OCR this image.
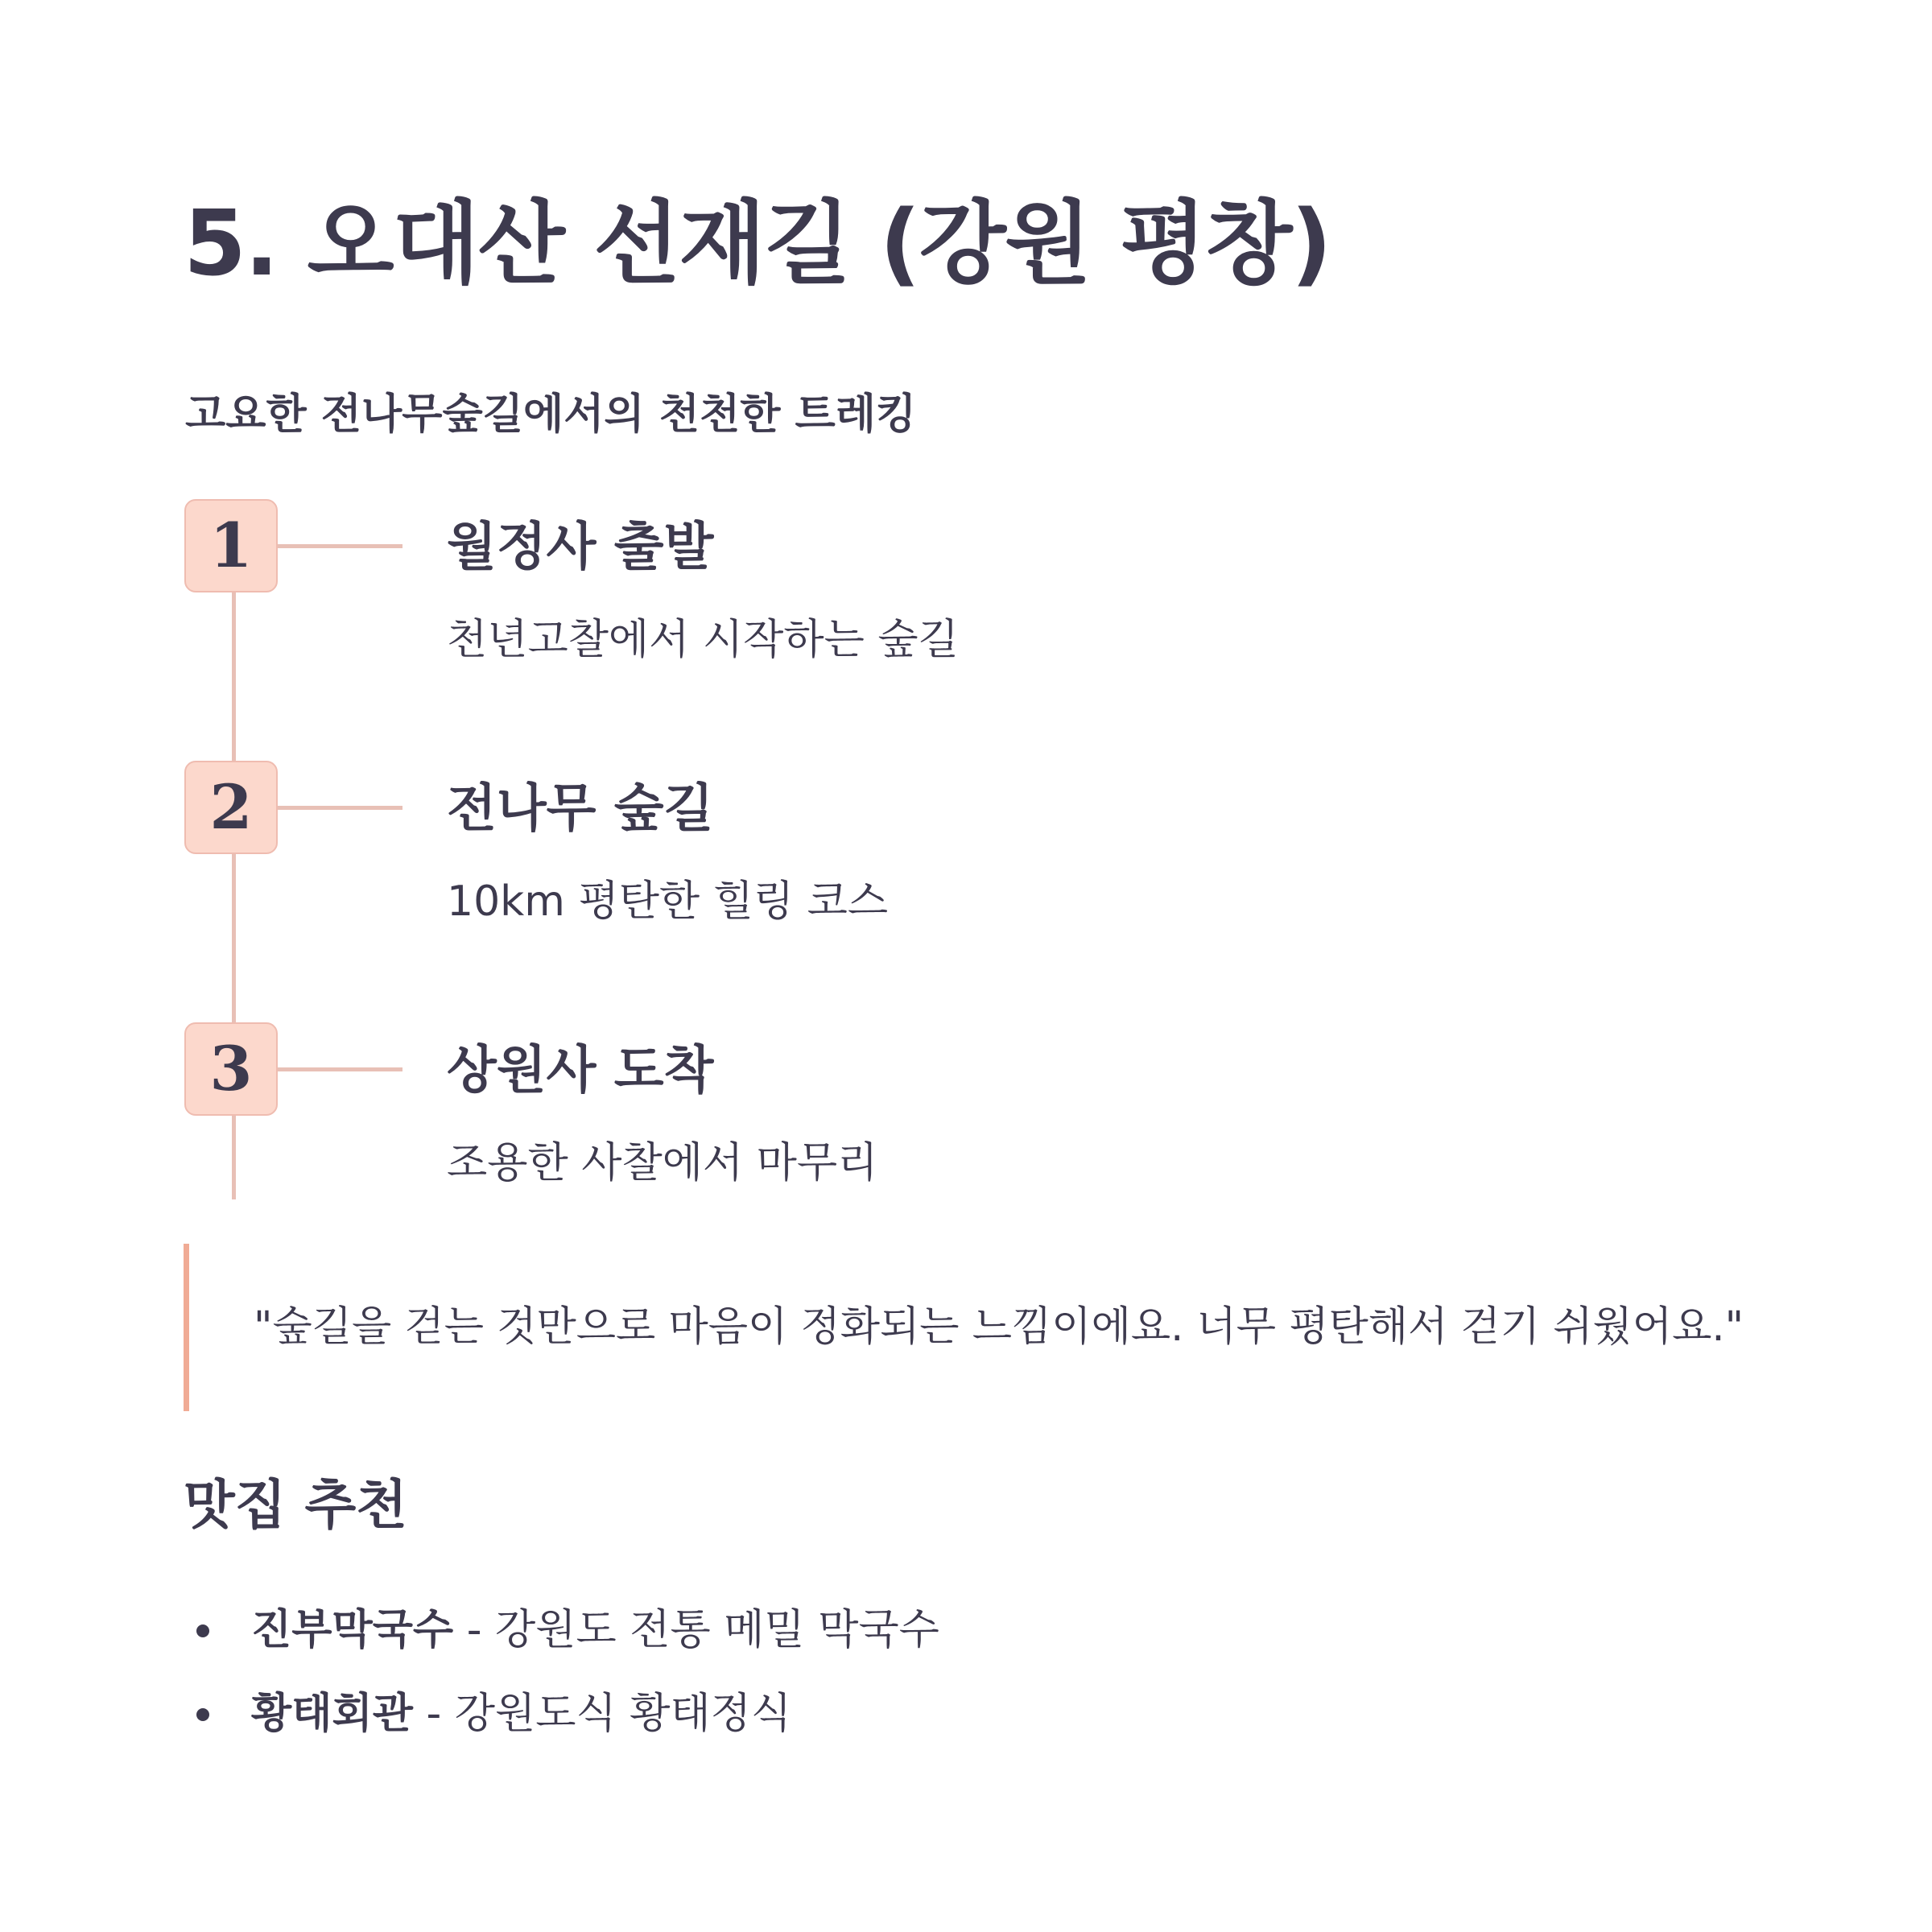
5. 오대산 선재길 (강원 평창)
고요한 전나무숲길에서의 천천한 트레킹
1	월정사 출발

천년고찰에서 시작하는 숲길

2	전나무 숲길

10km 평탄한 힐링 코스

3	상원사 도착

조용한 사찰에서 마무리

"숲길을 걷는 것만으로 마음이 정화되는 느낌이에요. 너무 평탄해서 걷기 쉬웠어요."
맛집 추천
진부막국수 - 강원도 전통 메밀 막국수
황태회관 - 강원도식 황태정식
